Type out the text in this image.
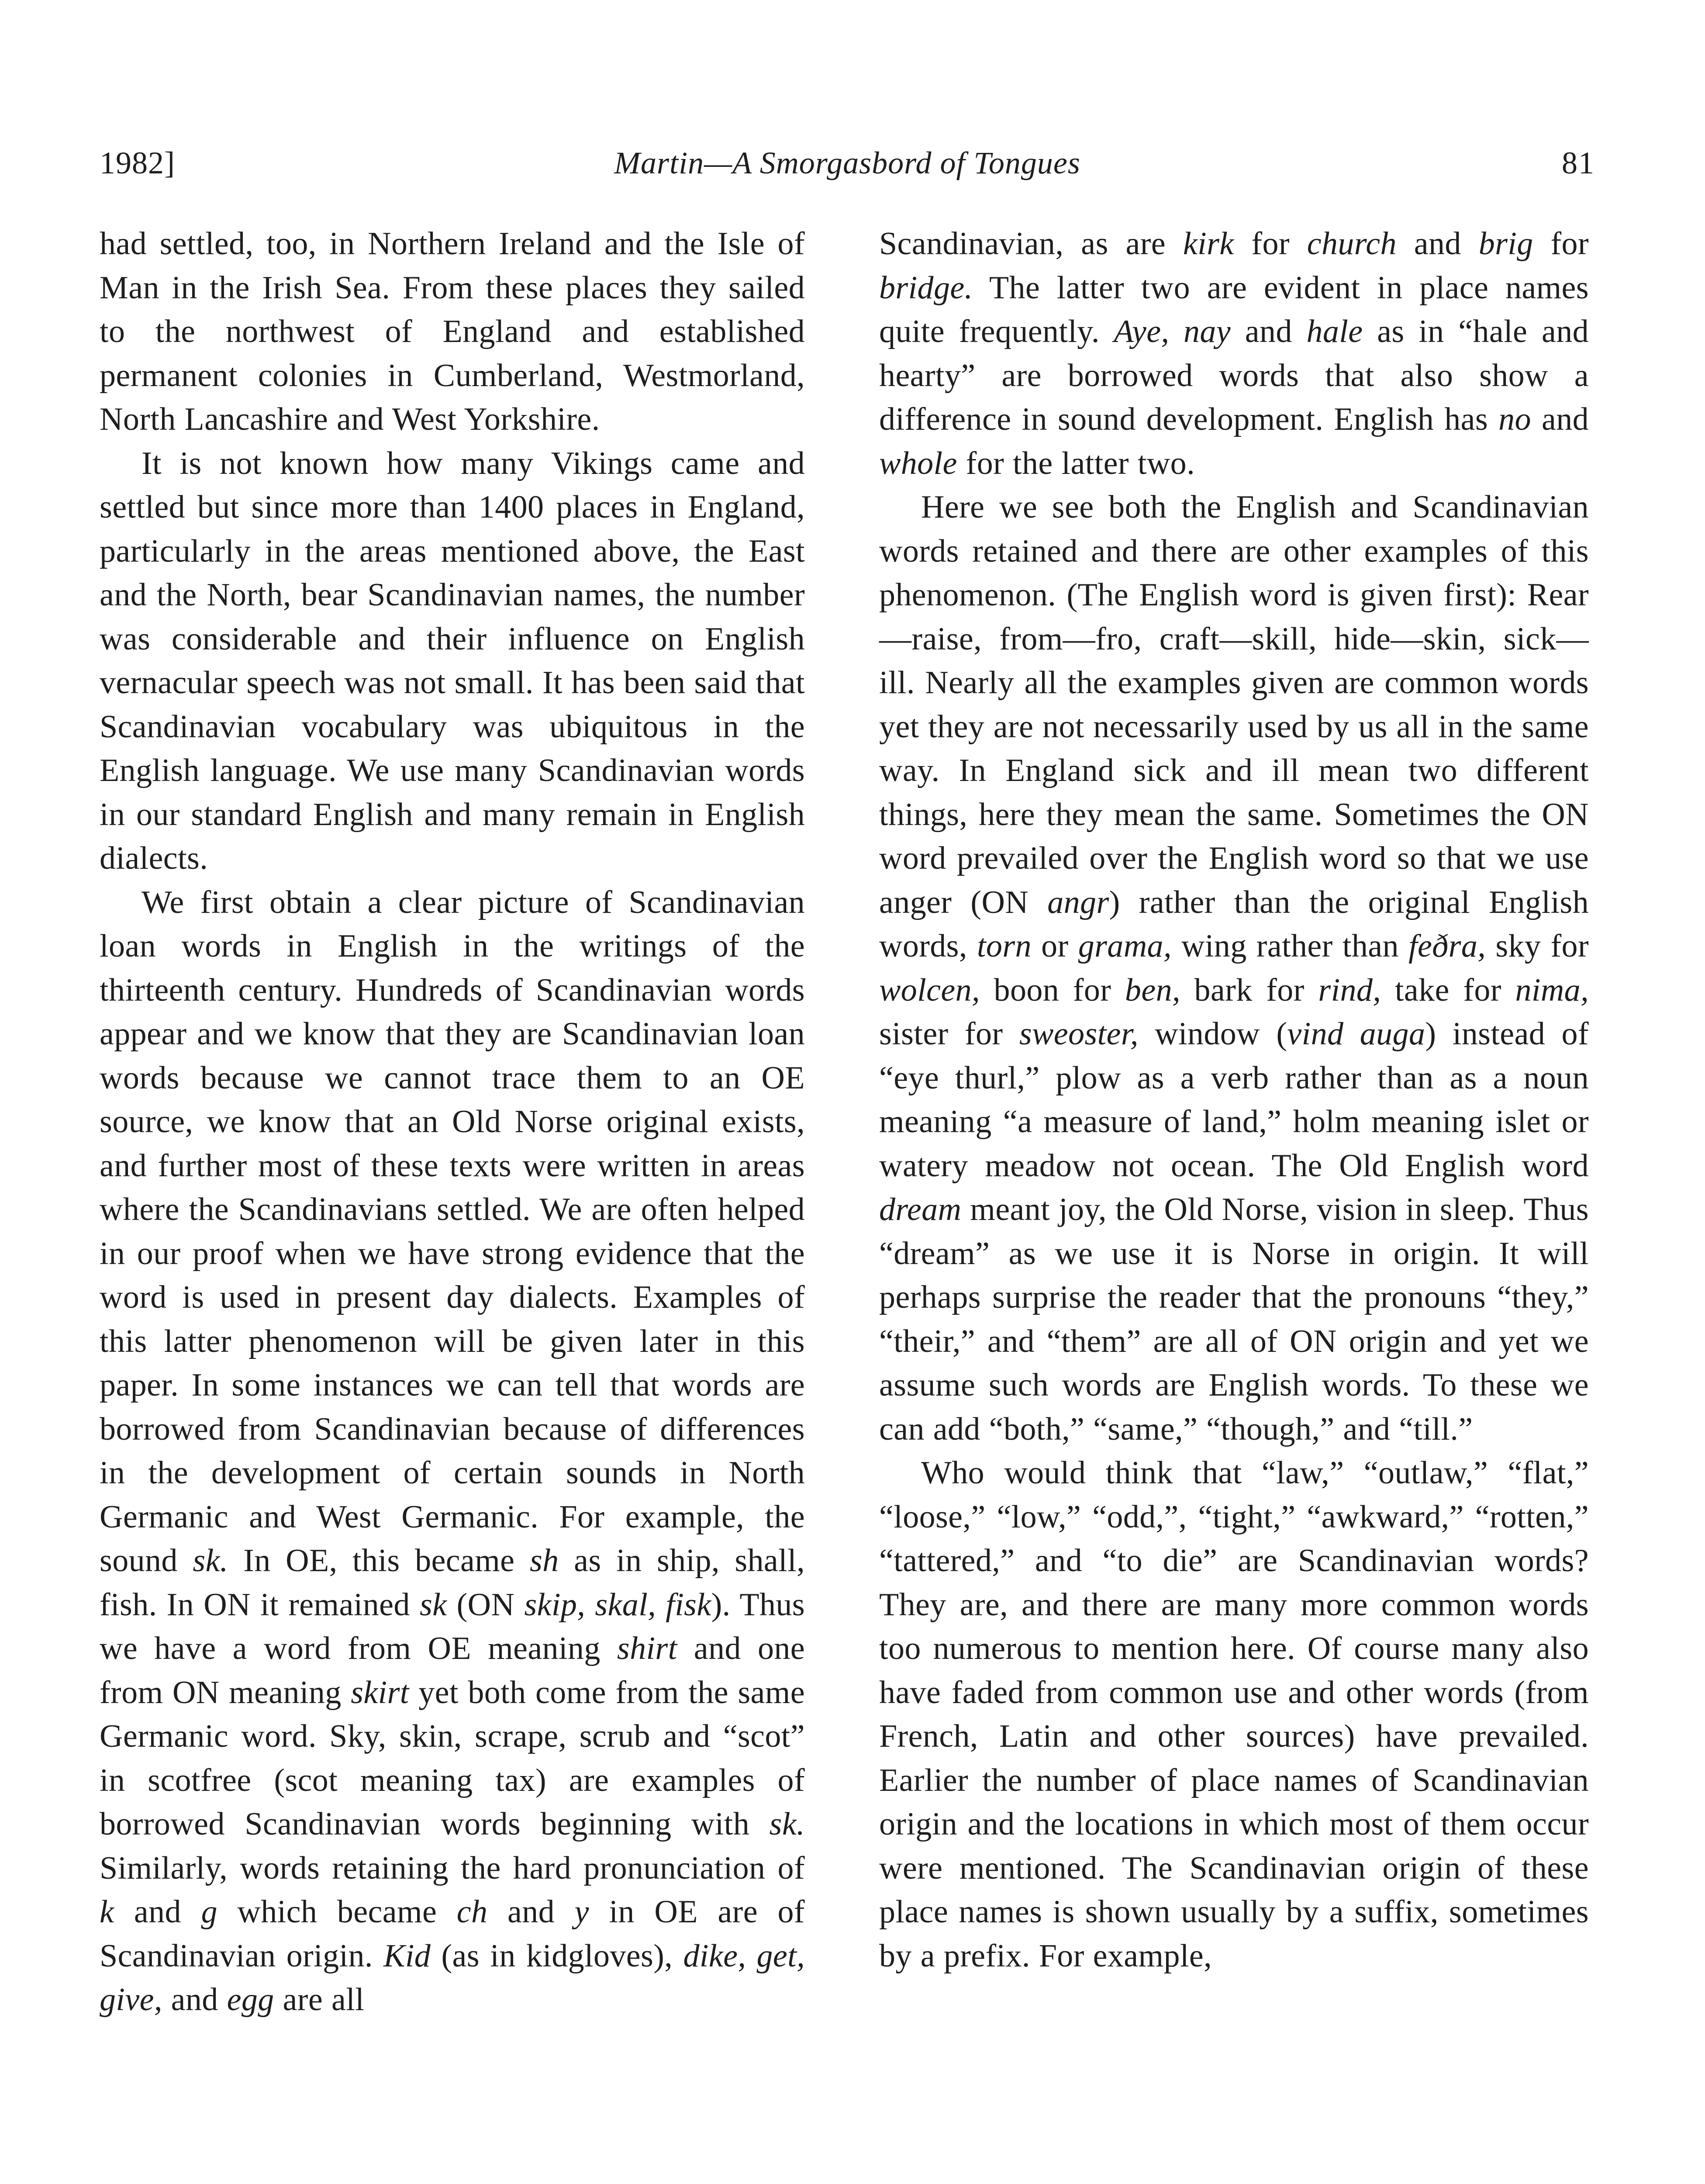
1982]	Martin—A Smorgasbord of Tongues	81

had settled, too, in Northern Ireland and the Isle of Man in the Irish Sea. From these places they sailed to the northwest of England and established permanent colonies in Cumberland, Westmorland, North Lancashire and West Yorkshire.

It is not known how many Vikings came and settled but since more than 1400 places in England, particularly in the areas mentioned above, the East and the North, bear Scandinavian names, the number was considerable and their influence on English vernacular speech was not small. It has been said that Scandinavian vocabulary was ubiquitous in the English language. We use many Scandinavian words in our standard English and many remain in English dialects.

We first obtain a clear picture of Scandinavian loan words in English in the writings of the thirteenth century. Hundreds of Scandinavian words appear and we know that they are Scandinavian loan words because we cannot trace them to an OE source, we know that an Old Norse original exists, and further most of these texts were written in areas where the Scandinavians settled. We are often helped in our proof when we have strong evidence that the word is used in present day dialects. Examples of this latter phenomenon will be given later in this paper. In some instances we can tell that words are borrowed from Scandinavian because of differences in the development of certain sounds in North Germanic and West Germanic. For example, the sound sk. In OE, this became sh as in ship, shall, fish. In ON it remained sk (ON skip, skal, fisk). Thus we have a word from OE meaning shirt and one from ON meaning skirt yet both come from the same Germanic word. Sky, skin, scrape, scrub and “scot” in scotfree (scot meaning tax) are examples of borrowed Scandinavian words beginning with sk. Similarly, words retaining the hard pronunciation of k and g which became ch and y in OE are of Scandinavian origin. Kid (as in kidgloves), dike, get, give, and egg are all

Scandinavian, as are kirk for church and brig for bridge. The latter two are evident in place names quite frequently. Aye, nay and hale as in “hale and hearty” are borrowed words that also show a difference in sound development. English has no and whole for the latter two.

Here we see both the English and Scandinavian words retained and there are other examples of this phenomenon. (The English word is given first): Rear—raise, from—fro, craft—skill, hide—skin, sick—ill. Nearly all the examples given are common words yet they are not necessarily used by us all in the same way. In England sick and ill mean two different things, here they mean the same. Sometimes the ON word prevailed over the English word so that we use anger (ON angr) rather than the original English words, torn or grama, wing rather than feðra, sky for wolcen, boon for ben, bark for rind, take for nima, sister for sweoster, window (vind auga) instead of “eye thurl,” plow as a verb rather than as a noun meaning “a measure of land,” holm meaning islet or watery meadow not ocean. The Old English word dream meant joy, the Old Norse, vision in sleep. Thus “dream” as we use it is Norse in origin. It will perhaps surprise the reader that the pronouns “they,” “their,” and “them” are all of ON origin and yet we assume such words are English words. To these we can add “both,” “same,” “though,” and “till.”

Who would think that “law,” “outlaw,” “flat,” “loose,” “low,” “odd,”, “tight,” “awkward,” “rotten,” “tattered,” and “to die” are Scandinavian words? They are, and there are many more common words too numerous to mention here. Of course many also have faded from common use and other words (from French, Latin and other sources) have prevailed. Earlier the number of place names of Scandinavian origin and the locations in which most of them occur were mentioned. The Scandinavian origin of these place names is shown usually by a suffix, sometimes by a prefix. For example,
